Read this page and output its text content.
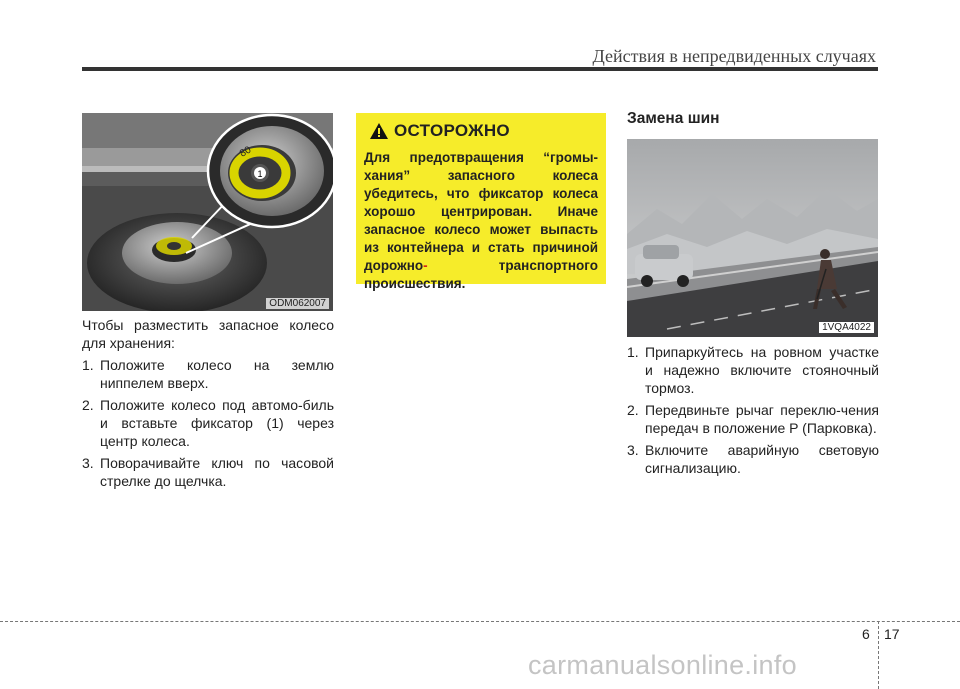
Действия в непредвиденных случаях
1
80
ODM062007

Чтобы разместить запасное колесо для хранения:

1. Положите колесо на землю ниппелем вверх.
2. Положите колесо под автомо-биль и вставьте фиксатор (1) через центр колеса.
3. Поворачивайте ключ по часовой стрелке до щелчка.
ОСТОРОЖНО

Для предотвращения “громы-хания” запасного колеса убедитесь, что фиксатор колеса хорошо центрирован. Иначе запасное колесо может выпасть из контейнера и стать причиной дорожно-	транспортного происшествия.

Замена шин
1VQA4022
1. Припаркуйтесь на ровном участке и надежно включите стояночный тормоз.
2. Передвиньте рычаг переклю-чения передач в положение P (Парковка).
3. Включите аварийную световую сигнализацию.
6 17
carmanualsonline.info
